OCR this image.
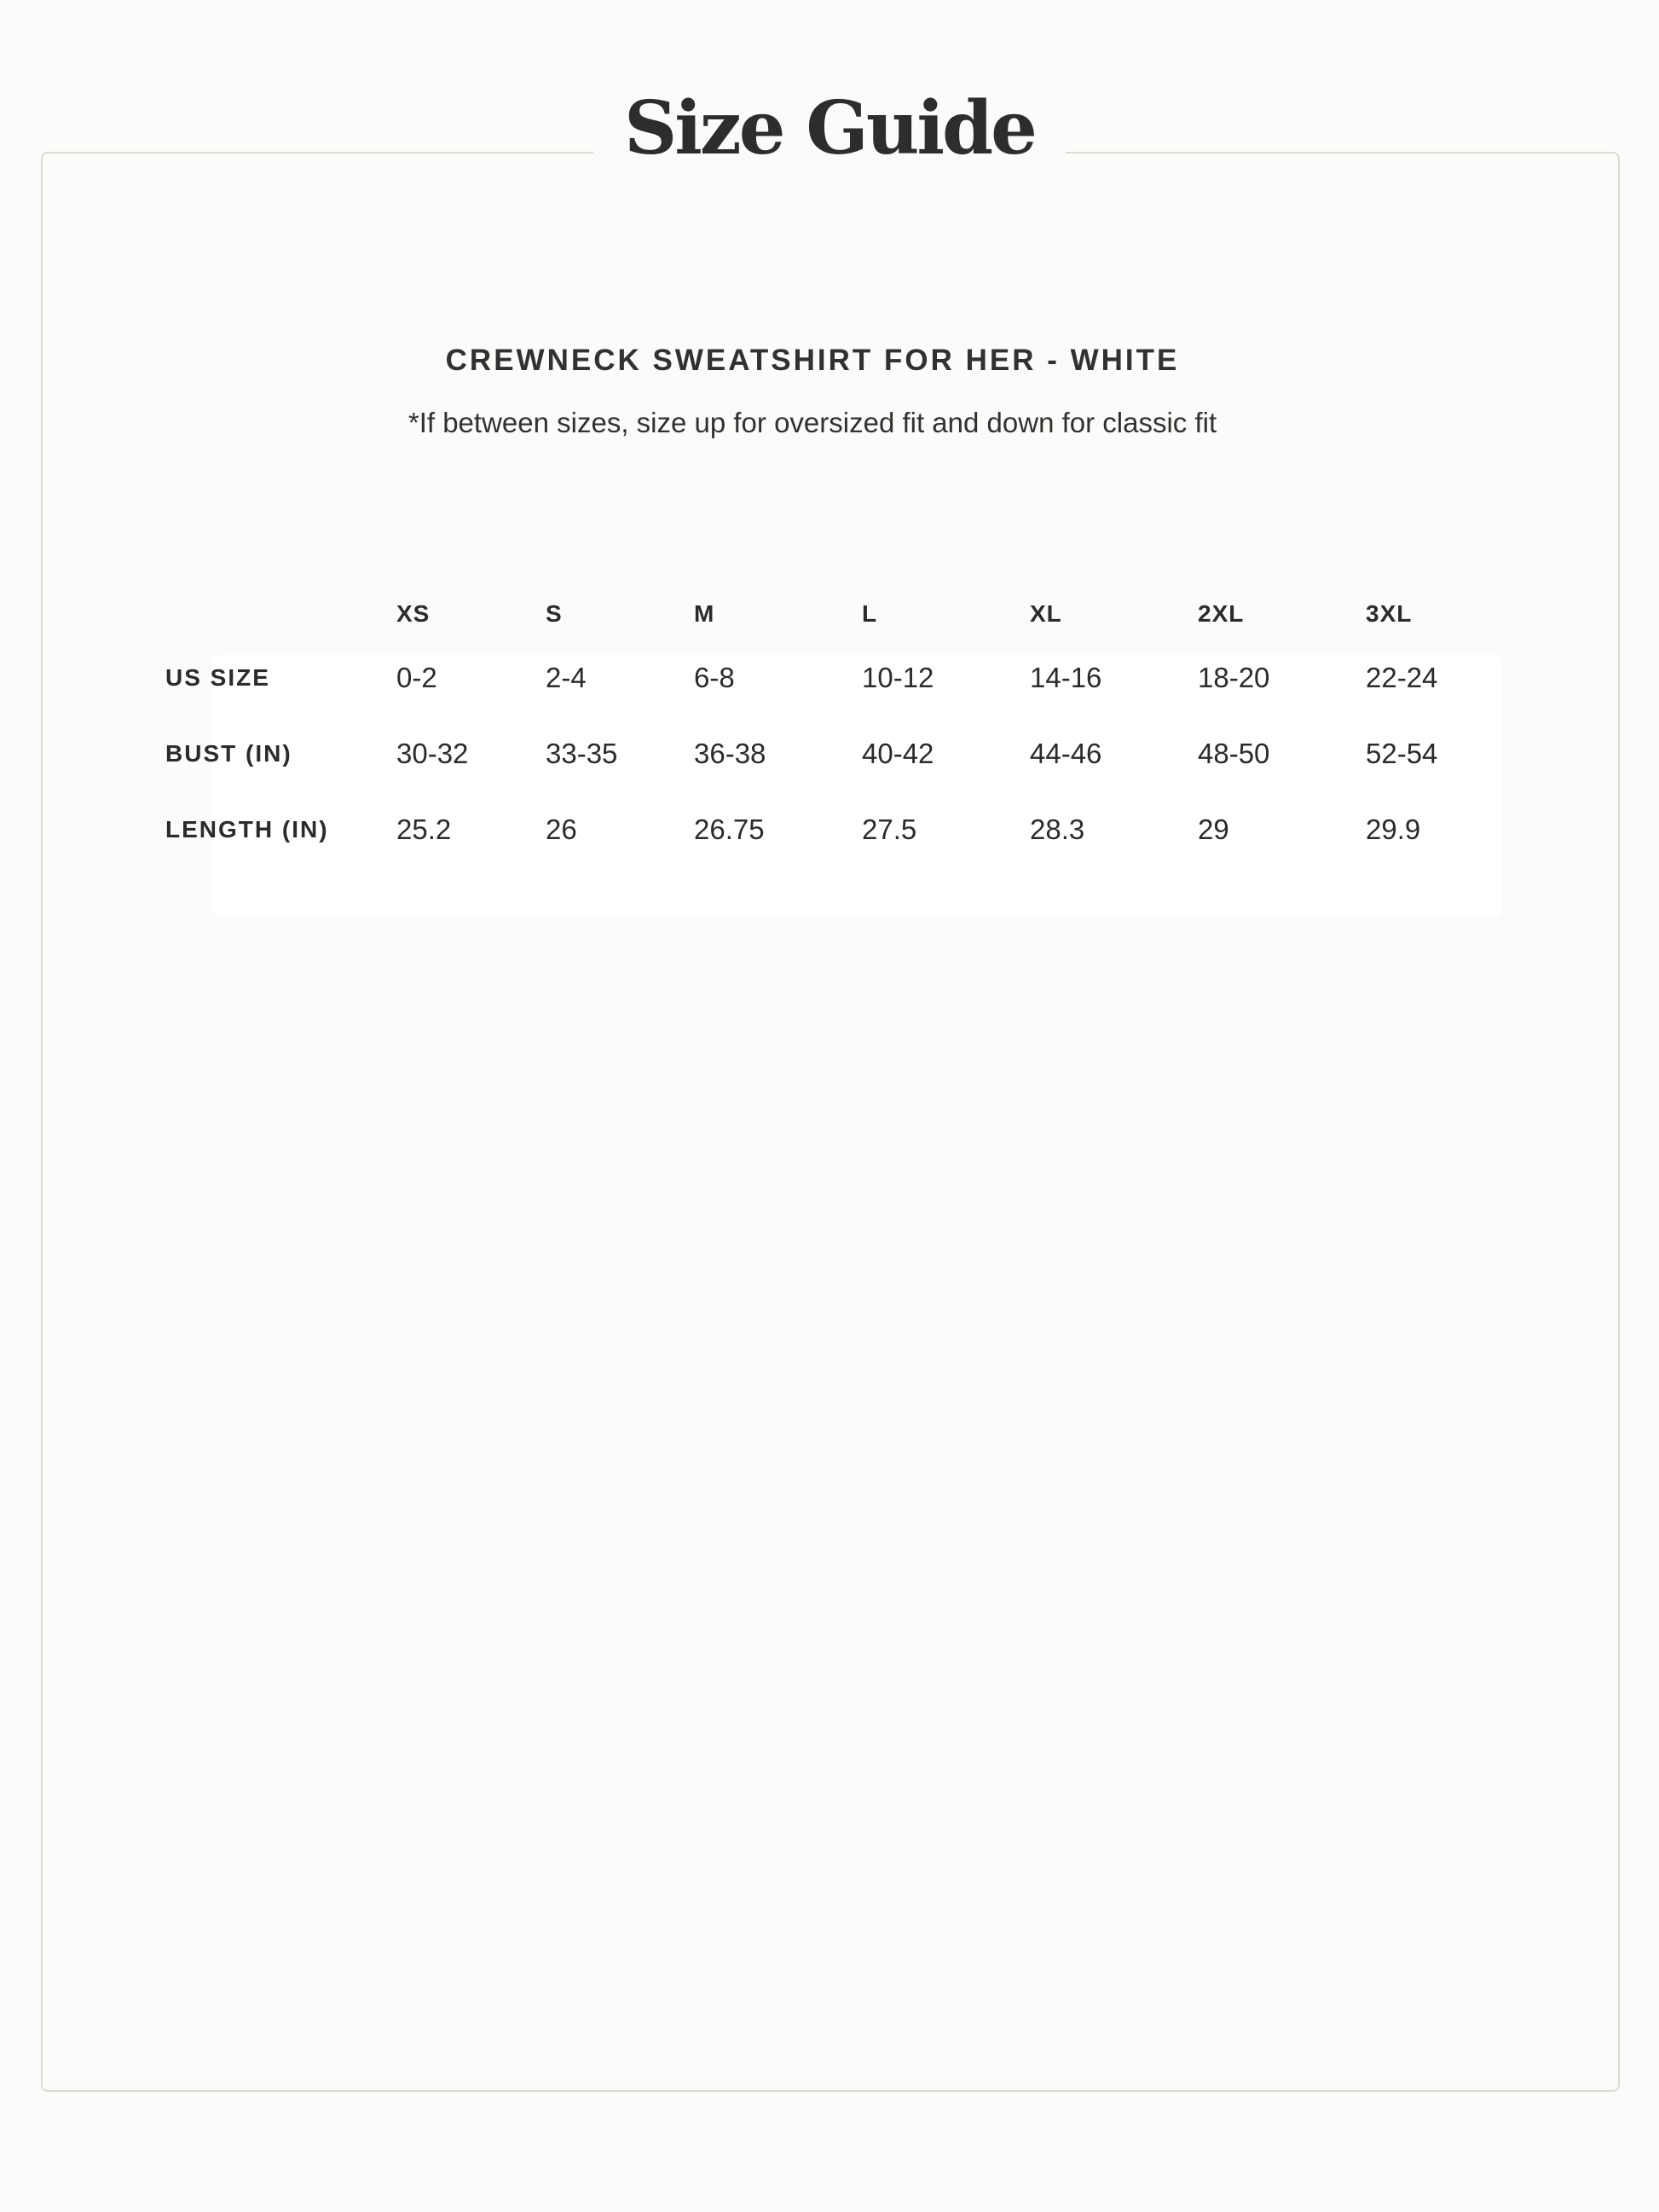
Size Guide
CREWNECK SWEATSHIRT FOR HER - WHITE
*If between sizes, size up for oversized fit and down for classic fit
	XS	S	M	L	XL	2XL	3XL
US SIZE	0-2	2-4	6-8	10-12	14-16	18-20	22-24
BUST (IN)	30-32	33-35	36-38	40-42	44-46	48-50	52-54
LENGTH (IN)	25.2	26	26.75	27.5	28.3	29	29.9
